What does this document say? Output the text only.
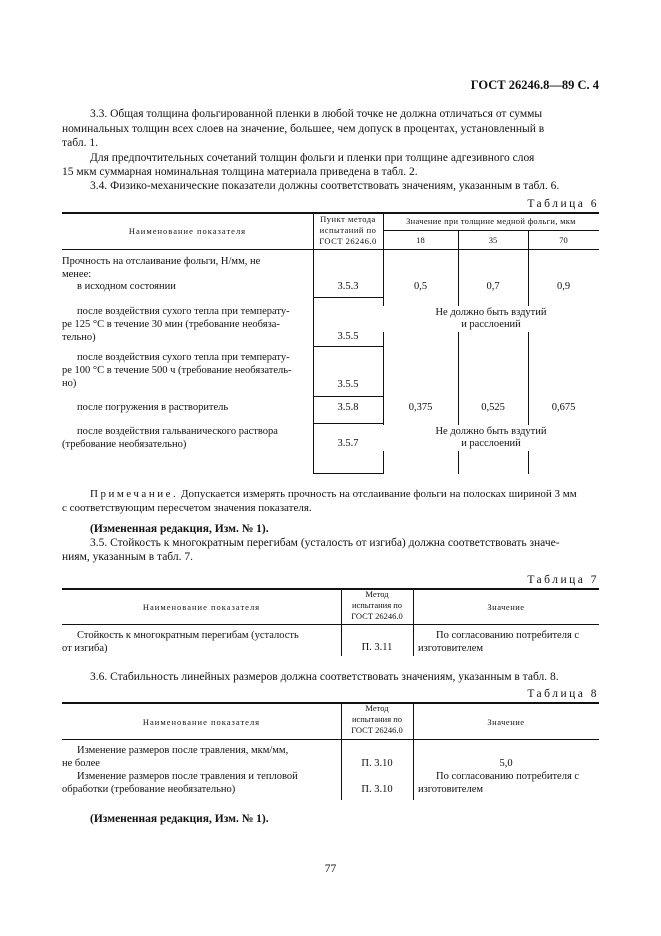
ГОСТ 26246.8—89 С. 4
3.3. Общая толщина фольгированной пленки в любой точке не должна отличаться от суммы
номинальных толщин всех слоев на значение, большее, чем допуск в процентах, установленный в
табл. 1.
Для предпочтительных сочетаний толщин фольги и пленки при толщине адгезивного слоя
15 мкм суммарная номинальная толщина материала приведена в табл. 2.
3.4. Физико-механические показатели должны соответствовать значениям, указанным в табл. 6.
Таблица 6
Наименование показателя
Пункт метода
испытаний по
ГОСТ 26246.0
Значение при толщине медной фольги, мкм
18	35	70
Прочность на отслаивание фольги, Н/мм, не
менее:
в исходном состоянии	3.5.3	0,5	0,7	0,9
после воздействия сухого тепла при температу-
ре 125 °С в течение 30 мин (требование необяза-
тельно)	3.5.5
Не должно быть вздутий
и расслоений
после воздействия сухого тепла при температу-
ре 100 °С в течение 500 ч (требование необязатель-
но)	3.5.5
после погружения в растворитель	3.5.8	0,375	0,525	0,675
после воздействия гальванического раствора
(требование необязательно)	3.5.7
Не должно быть вздутий
и расслоений
Примечание. Допускается измерять прочность на отслаивание фольги на полосках шириной 3 мм
с соответствующим пересчетом значения показателя.
(Измененная редакция, Изм. № 1).
3.5. Стойкость к многократным перегибам (усталость от изгиба) должна соответствовать значе-
ниям, указанным в табл. 7.
Таблица 7
Наименование показателя
Метод
испытания по
ГОСТ 26246.0
Значение
Стойкость к многократным перегибам (усталость
от изгиба)	П. 3.11
По согласованию потребителя с
изготовителем
3.6. Стабильность линейных размеров должна соответствовать значениям, указанным в табл. 8.
Таблица 8
Наименование показателя
Метод
испытания по
ГОСТ 26246.0
Значение
Изменение размеров после травления, мкм/мм,
не более	П. 3.10	5,0
Изменение размеров после травления и тепловой
обработки (требование необязательно)	П. 3.10
По согласованию потребителя с
изготовителем
(Измененная редакция, Изм. № 1).
77
